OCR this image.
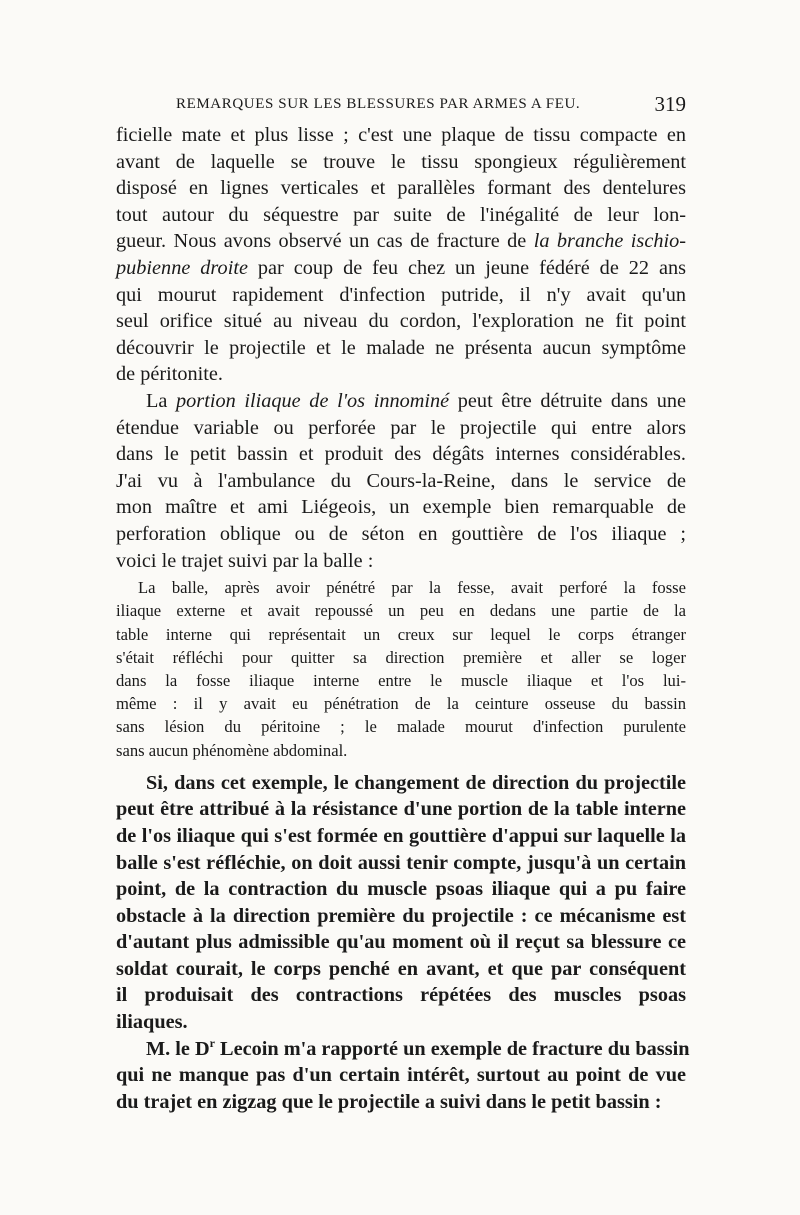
REMARQUES SUR LES BLESSURES PAR ARMES A FEU.	319
ficielle mate et plus lisse ; c'est une plaque de tissu compacte en
avant de laquelle se trouve le tissu spongieux régulièrement
disposé en lignes verticales et parallèles formant des dentelures
tout autour du séquestre par suite de l'inégalité de leur lon-
gueur. Nous avons observé un cas de fracture de la branche ischio-
pubienne droite par coup de feu chez un jeune fédéré de 22 ans
qui mourut rapidement d'infection putride, il n'y avait qu'un
seul orifice situé au niveau du cordon, l'exploration ne fit point
découvrir le projectile et le malade ne présenta aucun symptôme
de péritonite.
La portion iliaque de l'os innominé peut être détruite dans une
étendue variable ou perforée par le projectile qui entre alors
dans le petit bassin et produit des dégâts internes considérables.
J'ai vu à l'ambulance du Cours-la-Reine, dans le service de
mon maître et ami Liégeois, un exemple bien remarquable de
perforation oblique ou de séton en gouttière de l'os iliaque ;
voici le trajet suivi par la balle :
La balle, après avoir pénétré par la fesse, avait perforé la fosse
iliaque externe et avait repoussé un peu en dedans une partie de la
table interne qui représentait un creux sur lequel le corps étranger
s'était réfléchi pour quitter sa direction première et aller se loger
dans la fosse iliaque interne entre le muscle iliaque et l'os lui-
même : il y avait eu pénétration de la ceinture osseuse du bassin
sans lésion du péritoine ; le malade mourut d'infection purulente
sans aucun phénomène abdominal.
Si, dans cet exemple, le changement de direction du projectile
peut être attribué à la résistance d'une portion de la table interne
de l'os iliaque qui s'est formée en gouttière d'appui sur laquelle la
balle s'est réfléchie, on doit aussi tenir compte, jusqu'à un certain
point, de la contraction du muscle psoas iliaque qui a pu faire
obstacle à la direction première du projectile : ce mécanisme est
d'autant plus admissible qu'au moment où il reçut sa blessure ce
soldat courait, le corps penché en avant, et que par conséquent
il produisait des contractions répétées des muscles psoas
iliaques.
M. le $D^r$ Lecoin m'a rapporté un exemple de fracture du bassin
qui ne manque pas d'un certain intérêt, surtout au point de vue
du trajet en zigzag que le projectile a suivi dans le petit bassin :
